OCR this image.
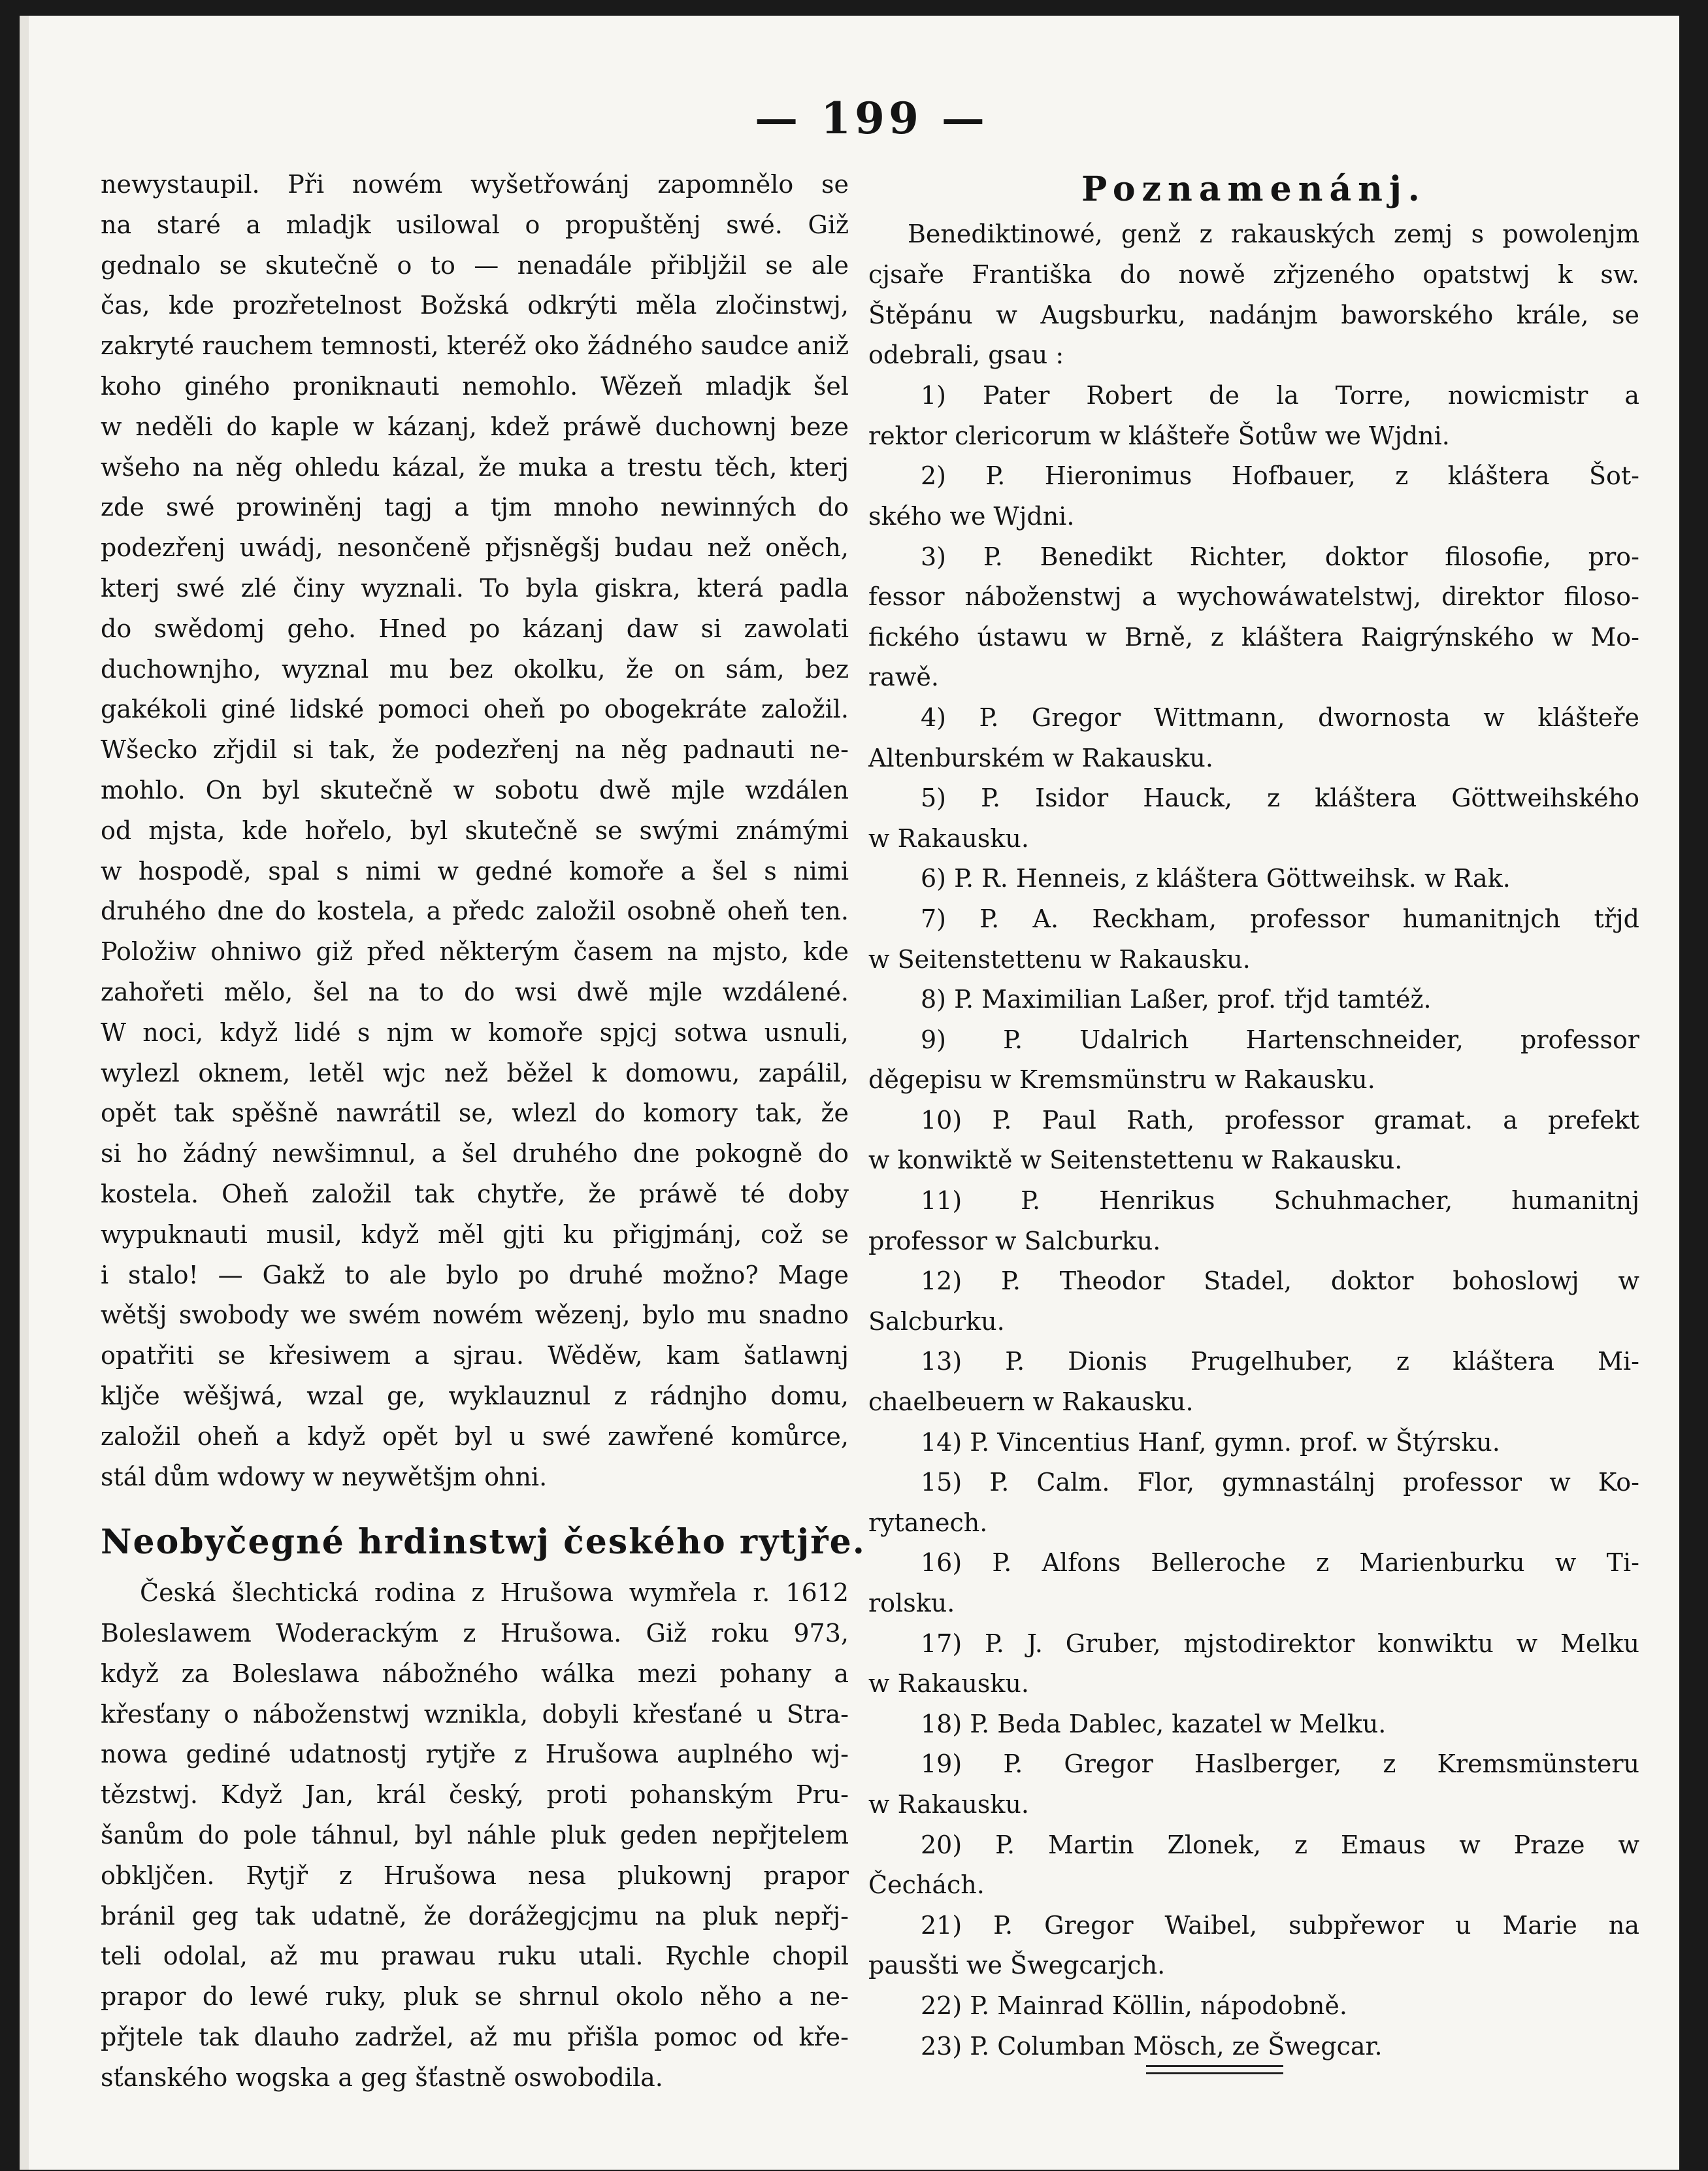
— 199 —
newystaupil. Při nowém wyšetřowánj zapomnělo se
na staré a mladjk usilowal o propuštěnj swé. Giž
gednalo se skutečně o to — nenadále přibljžil se ale
čas, kde prozřetelnost Božská odkrýti měla zločinstwj,
zakryté rauchem temnosti, kteréž oko žádného saudce aniž
koho giného proniknauti nemohlo. Wězeň mladjk šel
w neděli do kaple w kázanj, kdež práwě duchownj beze
wšeho na něg ohledu kázal, že muka a trestu těch, kterj
zde swé prowiněnj tagj a tjm mnoho newinných do
podezřenj uwádj, nesončeně přjsněgšj budau než oněch,
kterj swé zlé činy wyznali. To byla giskra, která padla
do swědomj geho. Hned po kázanj daw si zawolati
duchownjho, wyznal mu bez okolku, že on sám, bez
gakékoli giné lidské pomoci oheň po obogekráte založil.
Wšecko zřjdil si tak, že podezřenj na něg padnauti ne-
mohlo. On byl skutečně w sobotu dwě mjle wzdálen
od mjsta, kde hořelo, byl skutečně se swými známými
w hospodě, spal s nimi w gedné komoře a šel s nimi
druhého dne do kostela, a předc založil osobně oheň ten.
Položiw ohniwo giž před některým časem na mjsto, kde
zahořeti mělo, šel na to do wsi dwě mjle wzdálené.
W noci, když lidé s njm w komoře spjcj sotwa usnuli,
wylezl oknem, letěl wjc než běžel k domowu, zapálil,
opět tak spěšně nawrátil se, wlezl do komory tak, že
si ho žádný newšimnul, a šel druhého dne pokogně do
kostela. Oheň založil tak chytře, že práwě té doby
wypuknauti musil, když měl gjti ku přigjmánj, což se
i stalo! — Gakž to ale bylo po druhé možno? Mage
wětšj swobody we swém nowém wězenj, bylo mu snadno
opatřiti se křesiwem a sjrau. Wěděw, kam šatlawnj
kljče wěšjwá, wzal ge, wyklauznul z rádnjho domu,
založil oheň a když opět byl u swé zawřené komůrce,
stál dům wdowy w neywětšjm ohni.
Neobyčegné hrdinstwj českého rytjře.
Česká šlechtická rodina z Hrušowa wymřela r. 1612
Boleslawem Woderackým z Hrušowa. Giž roku 973,
když za Boleslawa nábožného wálka mezi pohany a
křesťany o náboženstwj wznikla, dobyli křesťané u Stra-
nowa gediné udatnostj rytjře z Hrušowa auplného wj-
tězstwj. Když Jan, král český, proti pohanským Pru-
šanům do pole táhnul, byl náhle pluk geden nepřjtelem
obkljčen. Rytjř z Hrušowa nesa plukownj prapor
bránil geg tak udatně, že dorážegjcjmu na pluk nepřj-
teli odolal, až mu prawau ruku utali. Rychle chopil
prapor do lewé ruky, pluk se shrnul okolo něho a ne-
přjtele tak dlauho zadržel, až mu přišla pomoc od kře-
sťanského wogska a geg šťastně oswobodila.
Poznamenánj.
Benediktinowé, genž z rakauských zemj s powolenjm
cjsaře Františka do nowě zřjzeného opatstwj k sw.
Štěpánu w Augsburku, nadánjm baworského krále, se
odebrali, gsau :
1) Pater Robert de la Torre, nowicmistr a
rektor clericorum w klášteře Šotůw we Wjdni.
2) P. Hieronimus Hofbauer, z kláštera Šot-
ského we Wjdni.
3) P. Benedikt Richter, doktor filosofie, pro-
fessor náboženstwj a wychowáwatelstwj, direktor filoso-
fického ústawu w Brně, z kláštera Raigrýnského w Mo-
rawě.
4) P. Gregor Wittmann, dwornosta w klášteře
Altenburském w Rakausku.
5) P. Isidor Hauck, z kláštera Göttweihského
w Rakausku.
6) P. R. Henneis, z kláštera Göttweihsk. w Rak.
7) P. A. Reckham, professor humanitnjch třjd
w Seitenstettenu w Rakausku.
8) P. Maximilian Laßer, prof. třjd tamtéž.
9) P. Udalrich Hartenschneider, professor
děgepisu w Kremsmünstru w Rakausku.
10) P. Paul Rath, professor gramat. a prefekt
w konwiktě w Seitenstettenu w Rakausku.
11) P. Henrikus Schuhmacher, humanitnj
professor w Salcburku.
12) P. Theodor Stadel, doktor bohoslowj w
Salcburku.
13) P. Dionis Prugelhuber, z kláštera Mi-
chaelbeuern w Rakausku.
14) P. Vincentius Hanf, gymn. prof. w Štýrsku.
15) P. Calm. Flor, gymnastálnj professor w Ko-
rytanech.
16) P. Alfons Belleroche z Marienburku w Ti-
rolsku.
17) P. J. Gruber, mjstodirektor konwiktu w Melku
w Rakausku.
18) P. Beda Dablec, kazatel w Melku.
19) P. Gregor Haslberger, z Kremsmünsteru
w Rakausku.
20) P. Martin Zlonek, z Emaus w Praze w
Čechách.
21) P. Gregor Waibel, subpřewor u Marie na
pausšti we Šwegcarjch.
22) P. Mainrad Köllin, nápodobně.
23) P. Columban Mösch, ze Šwegcar.
